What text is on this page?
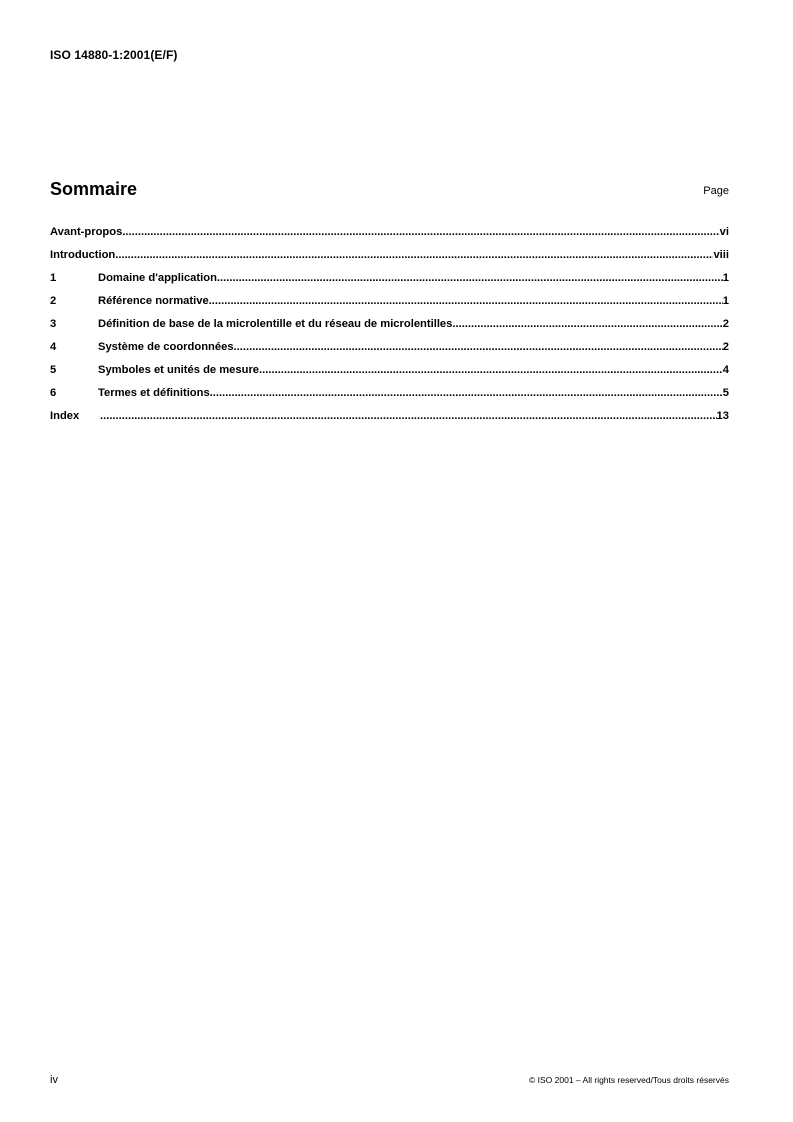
ISO 14880-1:2001(E/F)
Sommaire	Page
Avant-propos .....	vi
Introduction .....	viii
1	Domaine d'application .....	1
2	Référence normative .....	1
3	Définition de base de la microlentille et du réseau de microlentilles .....	2
4	Système de coordonnées .....	2
5	Symboles et unités de mesure .....	4
6	Termes et définitions .....	5
Index .....	13
iv	© ISO 2001 – All rights reserved/Tous droits réservés
